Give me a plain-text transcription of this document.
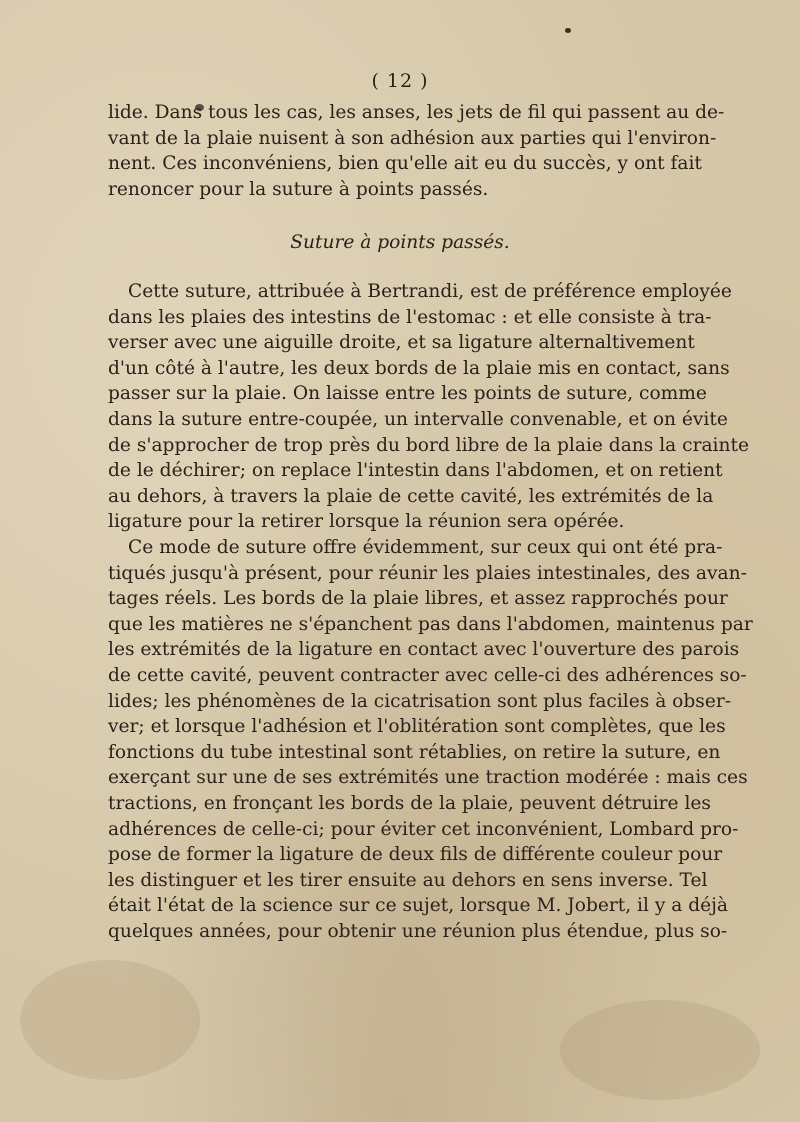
( 12 )
lide. Dans tous les cas, les anses, les jets de fil qui passent au de-
vant de la plaie nuisent à son adhésion aux parties qui l'environ-
nent. Ces inconvéniens, bien qu'elle ait eu du succès, y ont fait
renoncer pour la suture à points passés.
Suture à points passés.
Cette suture, attribuée à Bertrandi, est de préférence employée
dans les plaies des intestins de l'estomac : et elle consiste à tra-
verser avec une aiguille droite, et sa ligature alternaltivement
d'un côté à l'autre, les deux bords de la plaie mis en contact, sans
passer sur la plaie. On laisse entre les points de suture, comme
dans la suture entre-coupée, un intervalle convenable, et on évite
de s'approcher de trop près du bord libre de la plaie dans la crainte
de le déchirer; on replace l'intestin dans l'abdomen, et on retient
au dehors, à travers la plaie de cette cavité, les extrémités de la
ligature pour la retirer lorsque la réunion sera opérée.
Ce mode de suture offre évidemment, sur ceux qui ont été pra-
tiqués jusqu'à présent, pour réunir les plaies intestinales, des avan-
tages réels. Les bords de la plaie libres, et assez rapprochés pour
que les matières ne s'épanchent pas dans l'abdomen, maintenus par
les extrémités de la ligature en contact avec l'ouverture des parois
de cette cavité, peuvent contracter avec celle-ci des adhérences so-
lides; les phénomènes de la cicatrisation sont plus faciles à obser-
ver; et lorsque l'adhésion et l'oblitération sont complètes, que les
fonctions du tube intestinal sont rétablies, on retire la suture, en
exerçant sur une de ses extrémités une traction modérée : mais ces
tractions, en fronçant les bords de la plaie, peuvent détruire les
adhérences de celle-ci; pour éviter cet inconvénient, Lombard pro-
pose de former la ligature de deux fils de différente couleur pour
les distinguer et les tirer ensuite au dehors en sens inverse. Tel
était l'état de la science sur ce sujet, lorsque M. Jobert, il y a déjà
quelques années, pour obtenir une réunion plus étendue, plus so-
